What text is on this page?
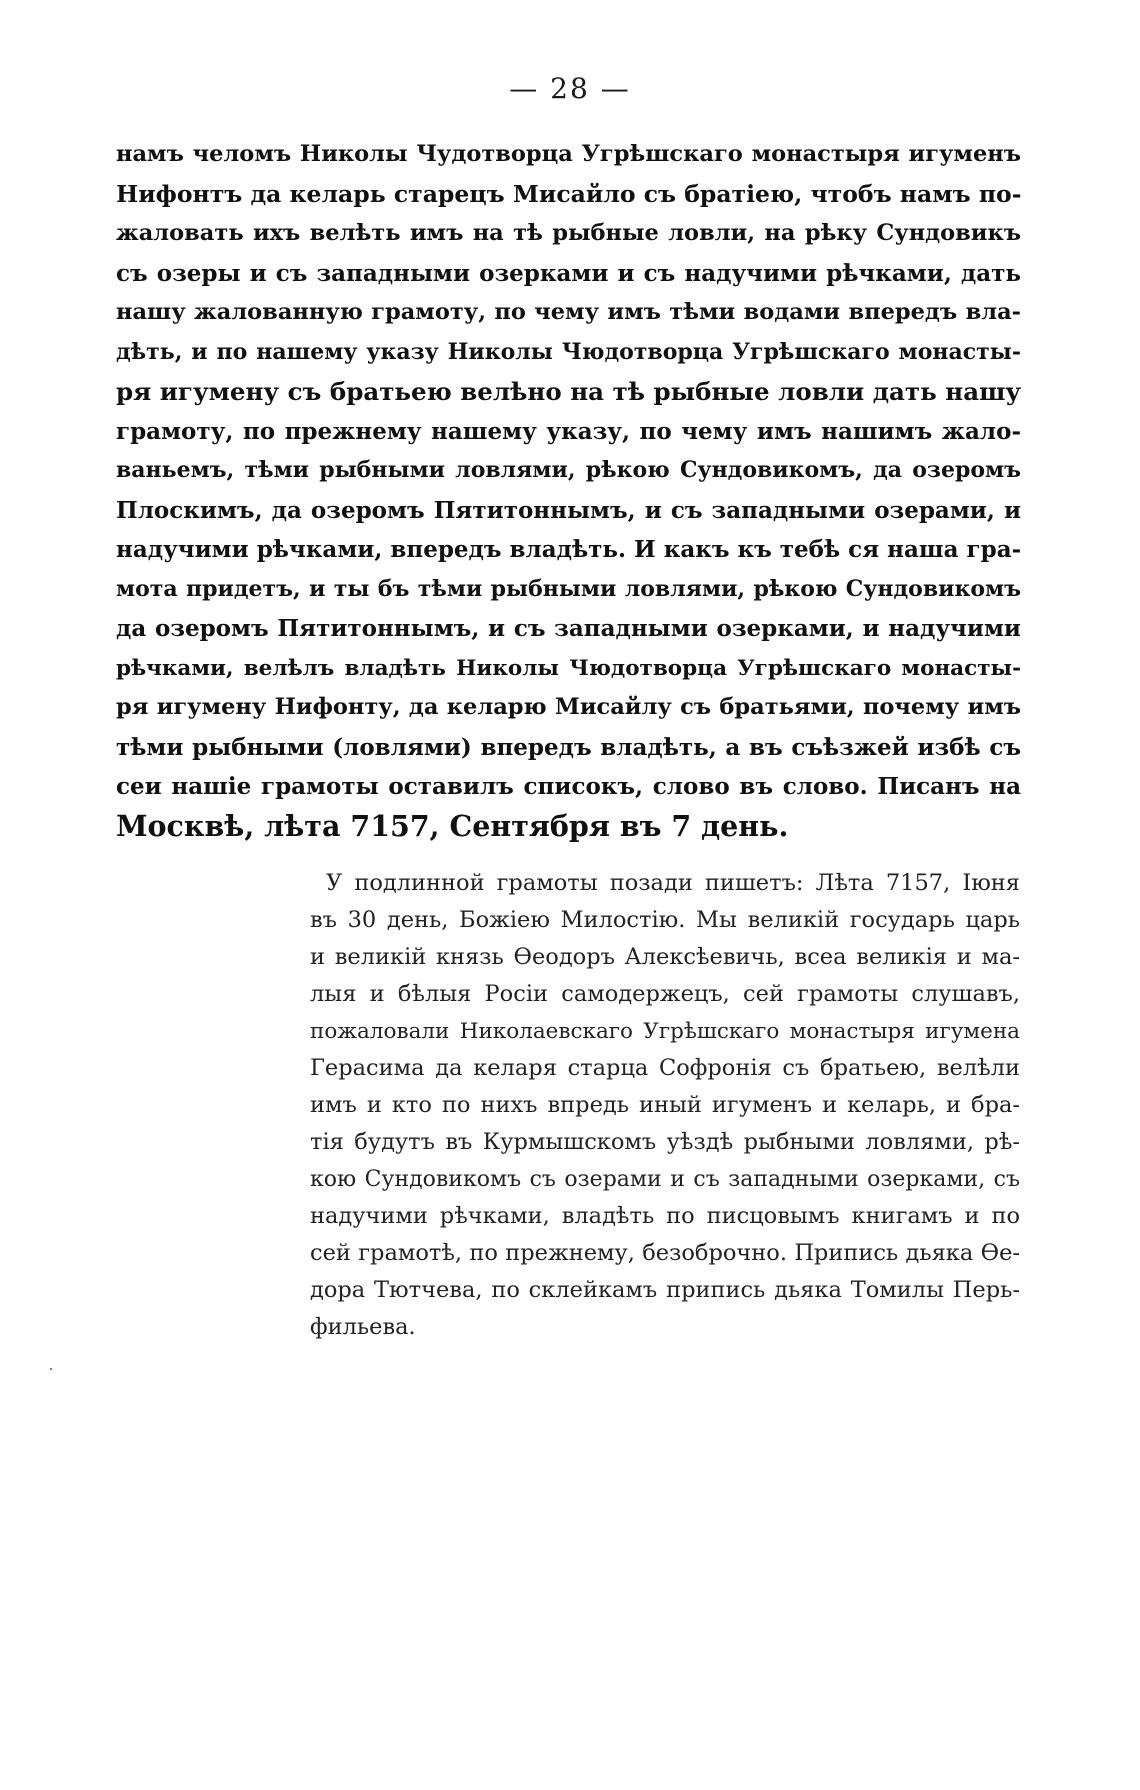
— 28 —
намъ челомъ Николы Чудотворца Угрѣшскаго монастыря игуменъ
Нифонтъ да келарь старецъ Мисайло съ братіею, чтобъ намъ по-
жаловать ихъ велѣть имъ на тѣ рыбные ловли, на рѣку Сундовикъ
съ озеры и съ западными озерками и съ надучими рѣчками, дать
нашу жалованную грамоту, по чему имъ тѣми водами впередъ вла-
дѣть, и по нашему указу Николы Чюдотворца Угрѣшскаго монасты-
ря игумену съ братьею велѣно на тѣ рыбные ловли дать нашу
грамоту, по прежнему нашему указу, по чему имъ нашимъ жало-
ваньемъ, тѣми рыбными ловлями, рѣкою Сундовикомъ, да озеромъ
Плоскимъ, да озеромъ Пятитоннымъ, и съ западными озерами, и
надучими рѣчками, впередъ владѣть. И какъ къ тебѣ ся наша гра-
мота придетъ, и ты бъ тѣми рыбными ловлями, рѣкою Сундовикомъ
да озеромъ Пятитоннымъ, и съ западными озерками, и надучими
рѣчками, велѣлъ владѣть Николы Чюдотворца Угрѣшскаго монасты-
ря игумену Нифонту, да келарю Мисайлу съ братьями, почему имъ
тѣми рыбными (ловлями) впередъ владѣть, а въ съѣзжей избѣ съ
сеи нашіе грамоты оставилъ списокъ, слово въ слово. Писанъ на
Москвѣ, лѣта 7157, Сентября въ 7 день.
У подлинной грамоты позади пишетъ: Лѣта 7157, Іюня
въ 30 день, Божіею Милостію. Мы великій государь царь
и великій князь Ѳеодоръ Алексѣевичь, всеа великія и ма-
лыя и бѣлыя Росіи самодержецъ, сей грамоты слушавъ,
пожаловали Николаевскаго Угрѣшскаго монастыря игумена
Герасима да келаря старца Софронія съ братьею, велѣли
имъ и кто по нихъ впредь иный игуменъ и келарь, и бра-
тія будутъ въ Курмышскомъ уѣздѣ рыбными ловлями, рѣ-
кою Сундовикомъ съ озерами и съ западными озерками, съ
надучими рѣчками, владѣть по писцовымъ книгамъ и по
сей грамотѣ, по прежнему, безоброчно. Припись дьяка Ѳе-
дора Тютчева, по склейкамъ припись дьяка Томилы Перь-
фильева.
